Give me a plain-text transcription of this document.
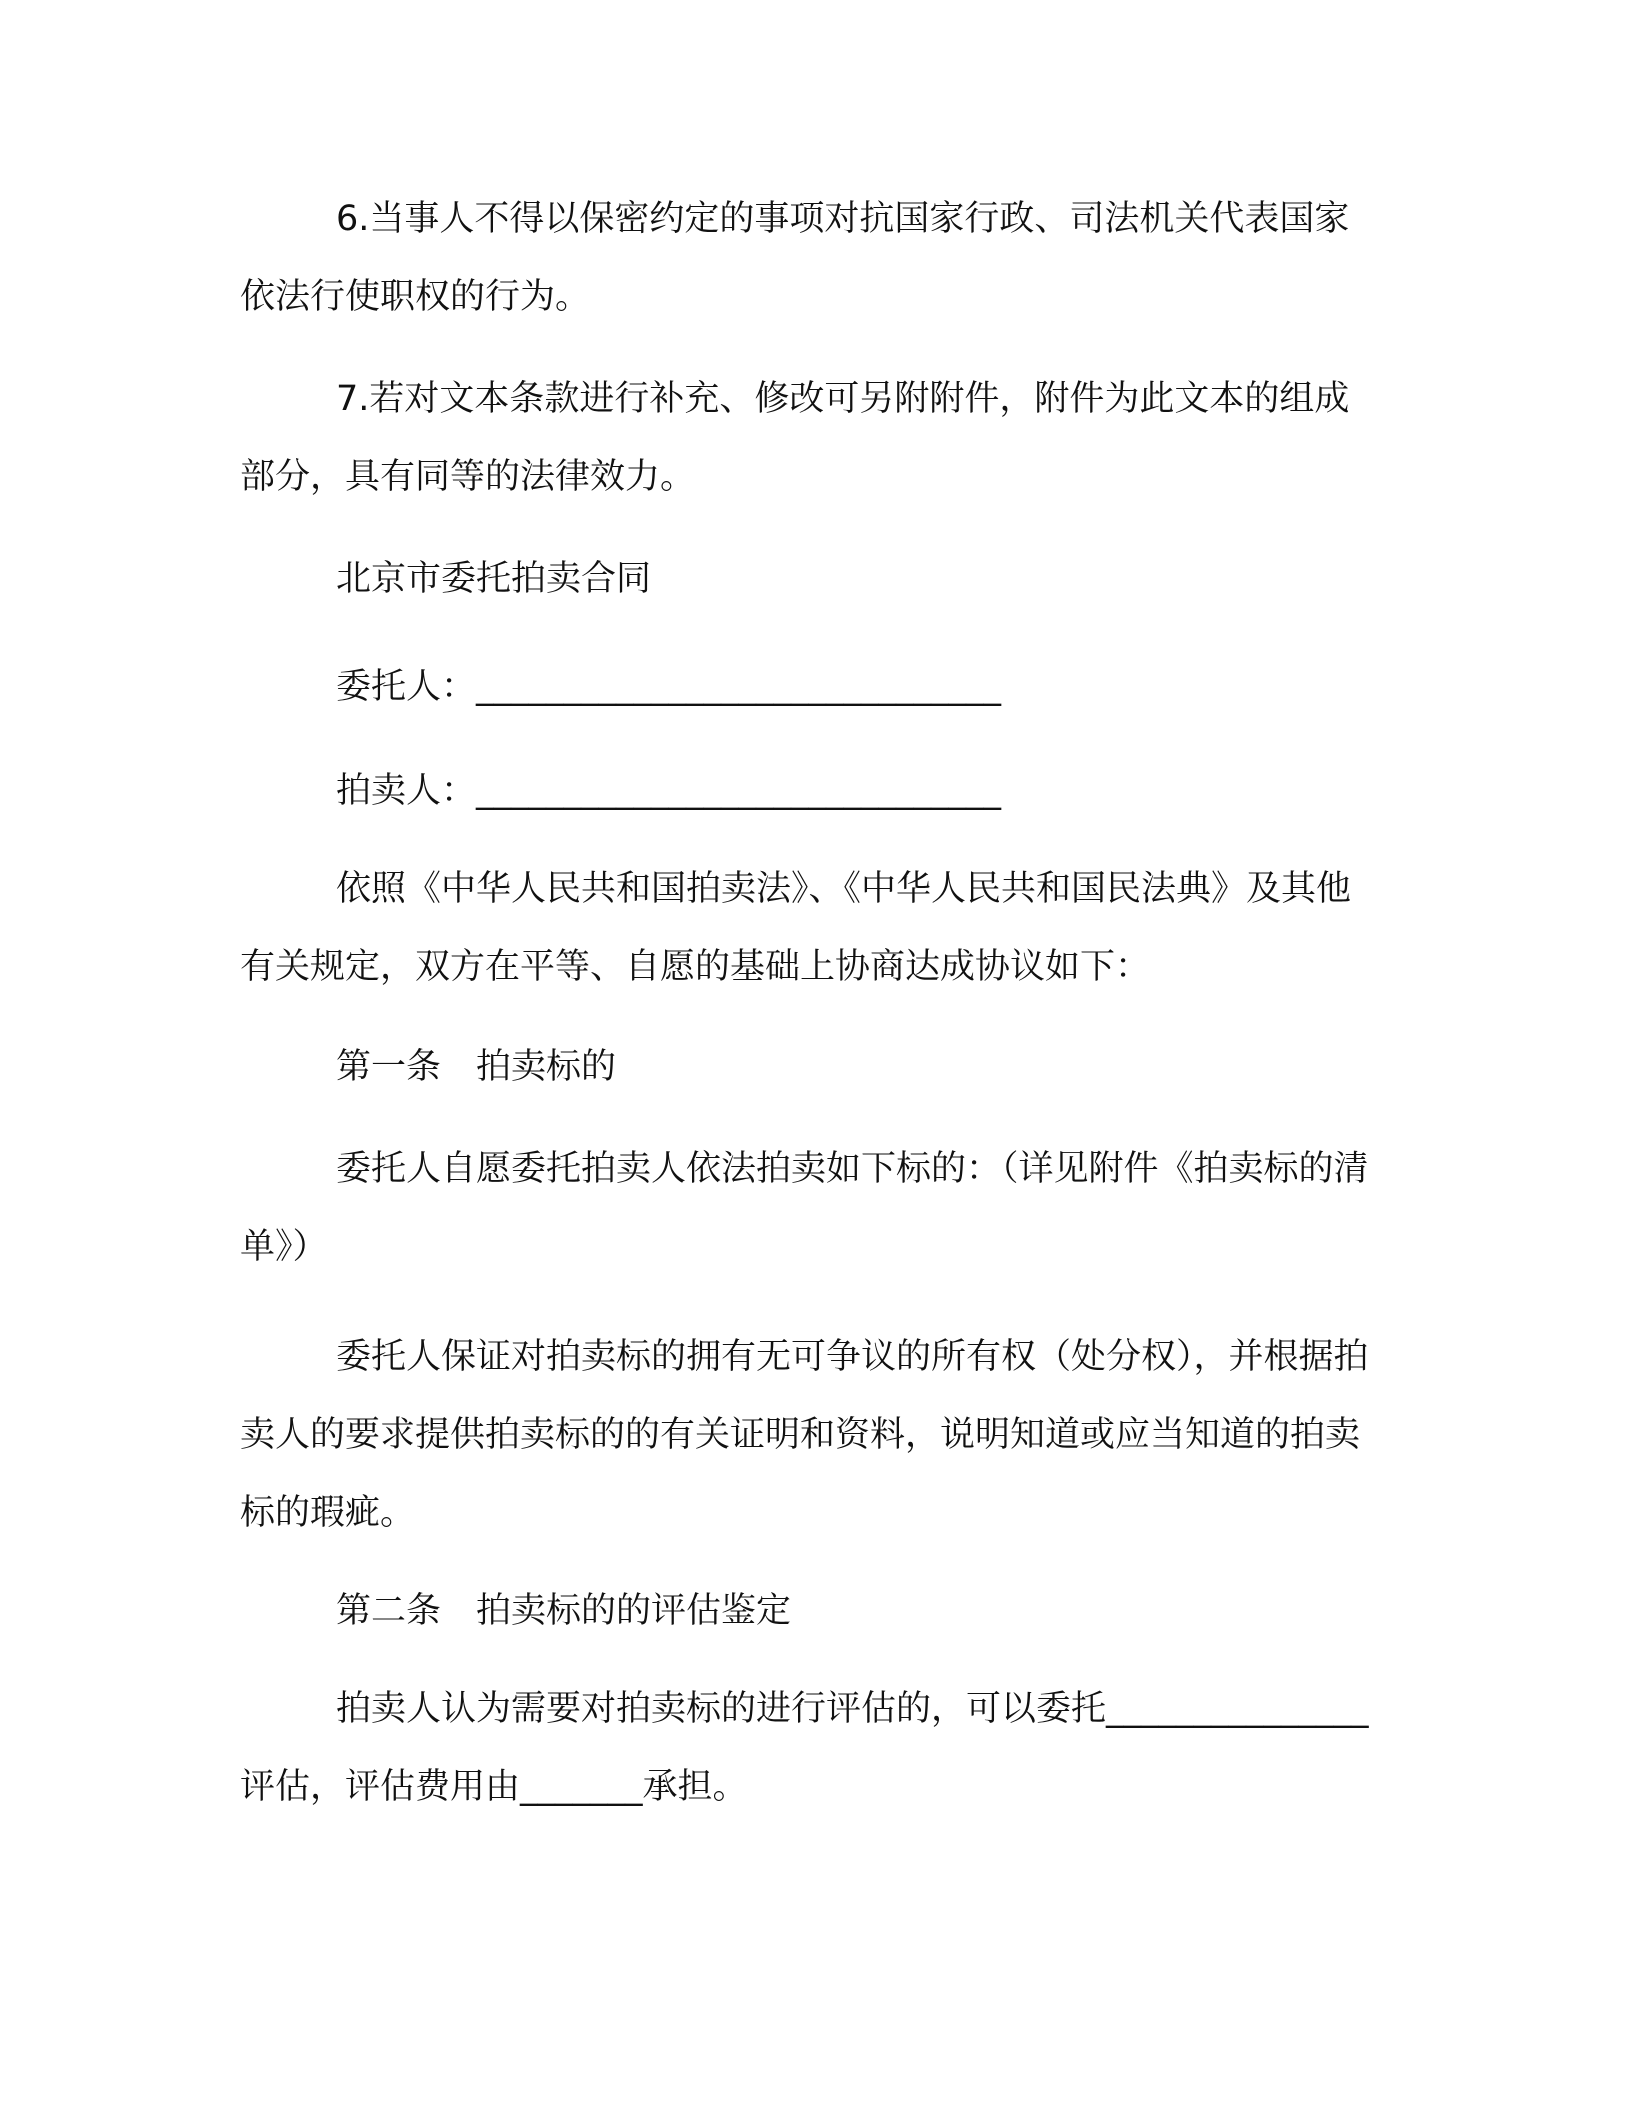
6.当事人不得以保密约定的事项对抗国家行政、司法机关代表国家依法行使职权的行为。

7.若对文本条款进行补充、修改可另附附件，附件为此文本的组成部分，具有同等的法律效力。

北京市委托拍卖合同

委托人：______________________________

拍卖人：______________________________

依照《中华人民共和国拍卖法》、《中华人民共和国民法典》及其他有关规定，双方在平等、自愿的基础上协商达成协议如下：

第一条　拍卖标的

委托人自愿委托拍卖人依法拍卖如下标的：（详见附件《拍卖标的清单》）

委托人保证对拍卖标的拥有无可争议的所有权（处分权），并根据拍卖人的要求提供拍卖标的的有关证明和资料，说明知道或应当知道的拍卖标的瑕疵。

第二条　拍卖标的的评估鉴定

拍卖人认为需要对拍卖标的进行评估的，可以委托_______________评估，评估费用由_______承担。
